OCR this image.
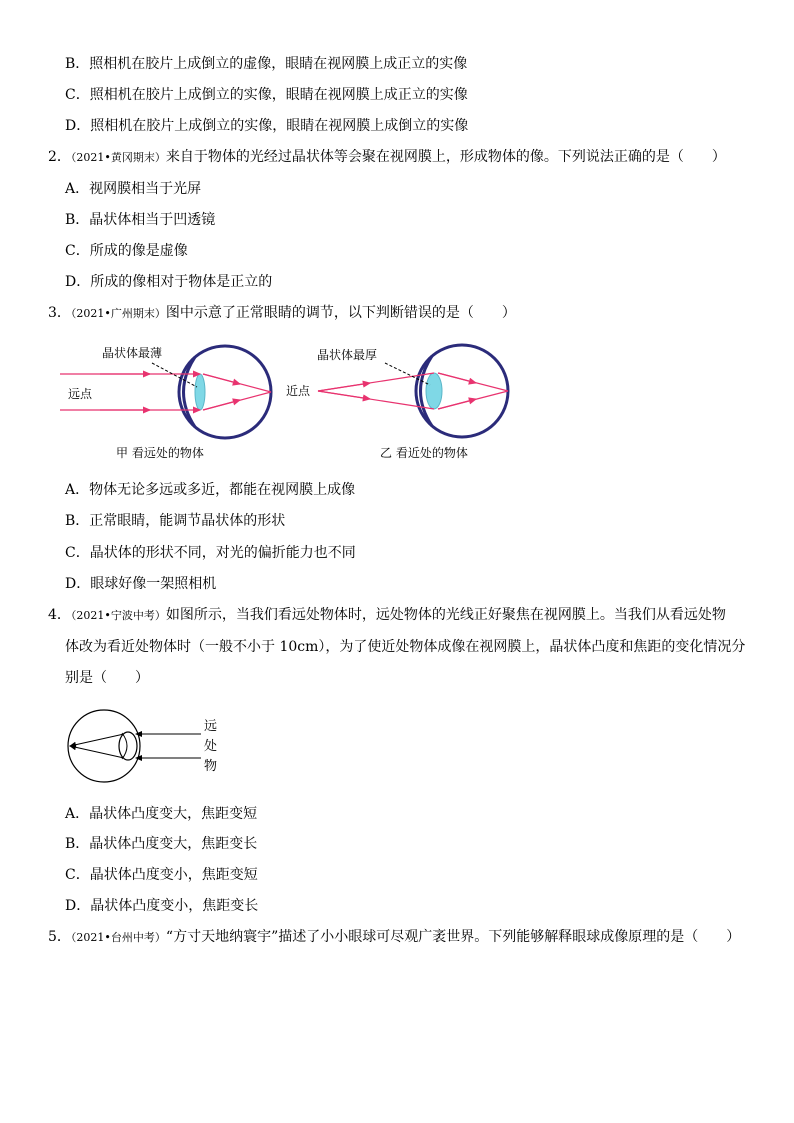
B．照相机在胶片上成倒立的虚像，眼睛在视网膜上成正立的实像
C．照相机在胶片上成倒立的实像，眼睛在视网膜上成正立的实像
D．照相机在胶片上成倒立的实像，眼睛在视网膜上成倒立的实像
2．（2021•黄冈期末）来自于物体的光经过晶状体等会聚在视网膜上，形成物体的像。下列说法正确的是（　　）
A．视网膜相当于光屏
B．晶状体相当于凹透镜
C．所成的像是虚像
D．所成的像相对于物体是正立的
3．（2021•广州期末）图中示意了正常眼睛的调节，以下判断错误的是（　　）
晶状体最薄
远点
甲 看远处的物体
晶状体最厚
近点
乙 看近处的物体
A．物体无论多远或多近，都能在视网膜上成像
B．正常眼睛，能调节晶状体的形状
C．晶状体的形状不同，对光的偏折能力也不同
D．眼球好像一架照相机
4．（2021•宁波中考）如图所示，当我们看远处物体时，远处物体的光线正好聚焦在视网膜上。当我们从看远处物
体改为看近处物体时（一般不小于 10cm），为了使近处物体成像在视网膜上，晶状体凸度和焦距的变化情况分
别是（　　）
远
处
物
A．晶状体凸度变大，焦距变短
B．晶状体凸度变大，焦距变长
C．晶状体凸度变小，焦距变短
D．晶状体凸度变小，焦距变长
5．（2021•台州中考）“方寸天地纳寰宇”描述了小小眼球可尽观广袤世界。下列能够解释眼球成像原理的是（　　）
